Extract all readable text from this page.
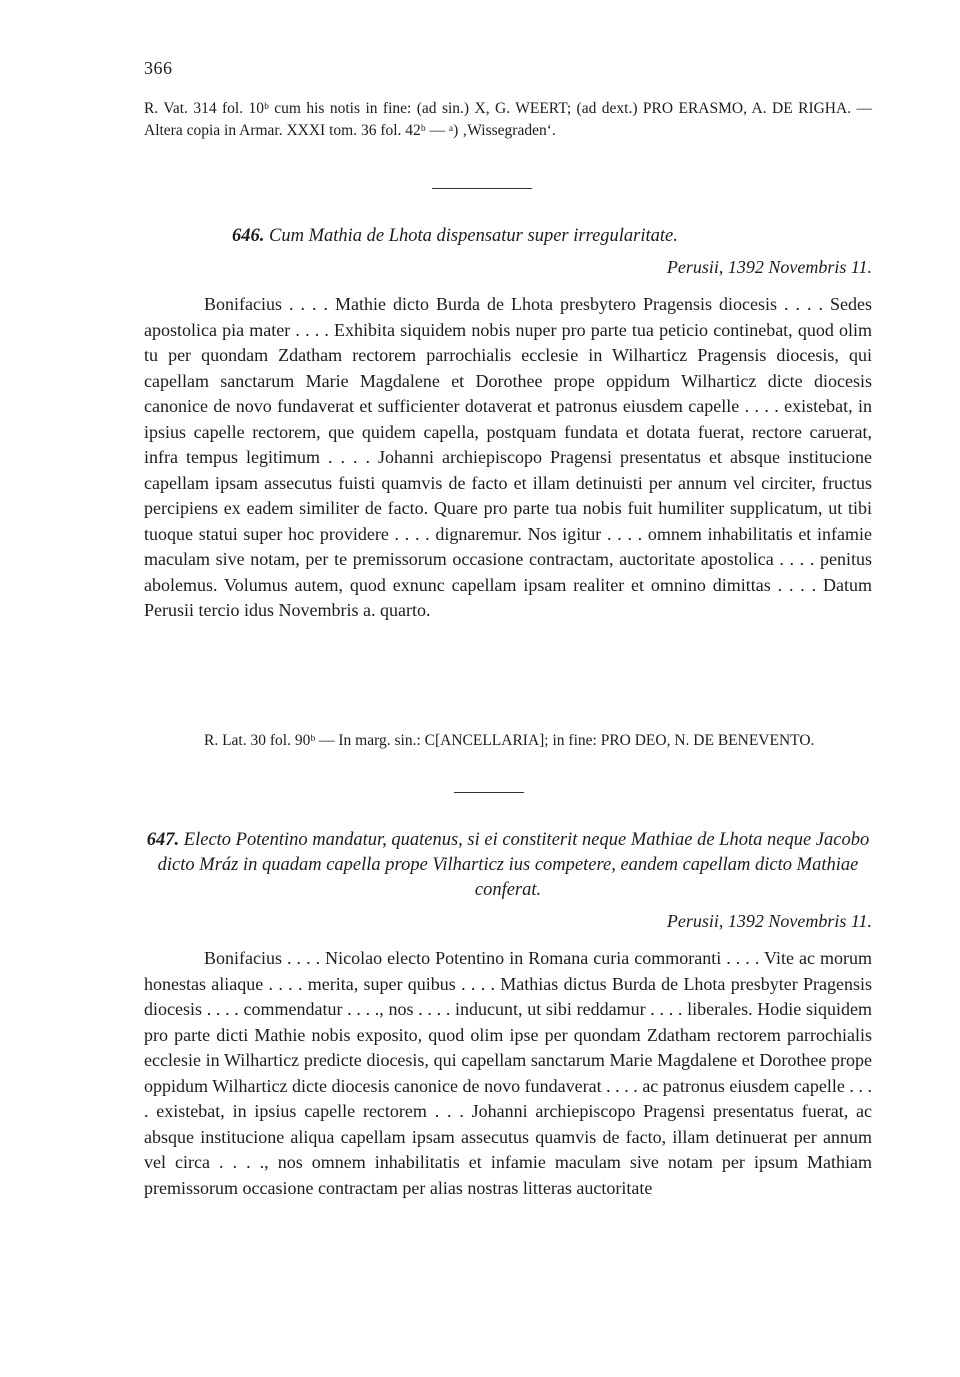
366

R. Vat. 314 fol. 10ᵇ cum his notis in fine: (ad sin.) X, G. WEERT; (ad dext.) PRO ERASMO, A. DE RIGHA. — Altera copia in Armar. XXXI tom. 36 fol. 42ᵇ — ᵃ) ‚Wissegraden‘.

646. Cum Mathia de Lhota dispensatur super irregularitate.

Perusii, 1392 Novembris 11.

Bonifacius . . . . Mathie dicto Burda de Lhota presbytero Pragensis diocesis . . . . Sedes apostolica pia mater . . . . Exhibita siquidem nobis nuper pro parte tua peticio continebat, quod olim tu per quondam Zdatham rectorem parrochialis ecclesie in Wilharticz Pragensis diocesis, qui capellam sanctarum Marie Magdalene et Dorothee prope oppidum Wilharticz dicte diocesis canonice de novo fundaverat et sufficienter dotaverat et patronus eiusdem capelle . . . . existebat, in ipsius capelle rectorem, que quidem capella, postquam fundata et dotata fuerat, rectore caruerat, infra tempus legitimum . . . . Johanni archiepiscopo Pragensi presentatus et absque institucione capellam ipsam assecutus fuisti quamvis de facto et illam detinuisti per annum vel circiter, fructus percipiens ex eadem similiter de facto. Quare pro parte tua nobis fuit humiliter supplicatum, ut tibi tuoque statui super hoc providere . . . . dignaremur. Nos igitur . . . . omnem inhabilitatis et infamie maculam sive notam, per te premissorum occasione contractam, auctoritate apostolica . . . . penitus abolemus. Volumus autem, quod exnunc capellam ipsam realiter et omnino dimittas . . . . Datum Perusii tercio idus Novembris a. quarto.

R. Lat. 30 fol. 90ᵇ — In marg. sin.: C[ANCELLARIA]; in fine: PRO DEO, N. DE BENEVENTO.

647. Electo Potentino mandatur, quatenus, si ei constiterit neque Mathiae de Lhota neque Jacobo dicto Mráz in quadam capella prope Vilharticz ius competere, eandem capellam dicto Mathiae conferat.

Perusii, 1392 Novembris 11.

Bonifacius . . . . Nicolao electo Potentino in Romana curia commoranti . . . . Vite ac morum honestas aliaque . . . . merita, super quibus . . . . Mathias dictus Burda de Lhota presbyter Pragensis diocesis . . . . commendatur . . . ., nos . . . . inducunt, ut sibi reddamur . . . . liberales. Hodie siquidem pro parte dicti Mathie nobis exposito, quod olim ipse per quondam Zdatham rectorem parrochialis ecclesie in Wilharticz predicte diocesis, qui capellam sanctarum Marie Magdalene et Dorothee prope oppidum Wilharticz dicte diocesis canonice de novo fundaverat . . . . ac patronus eiusdem capelle . . . . existebat, in ipsius capelle rectorem . . . Johanni archiepiscopo Pragensi presentatus fuerat, ac absque institucione aliqua capellam ipsam assecutus quamvis de facto, illam detinuerat per annum vel circa . . . ., nos omnem inhabilitatis et infamie maculam sive notam per ipsum Mathiam premissorum occasione contractam per alias nostras litteras auctoritate
